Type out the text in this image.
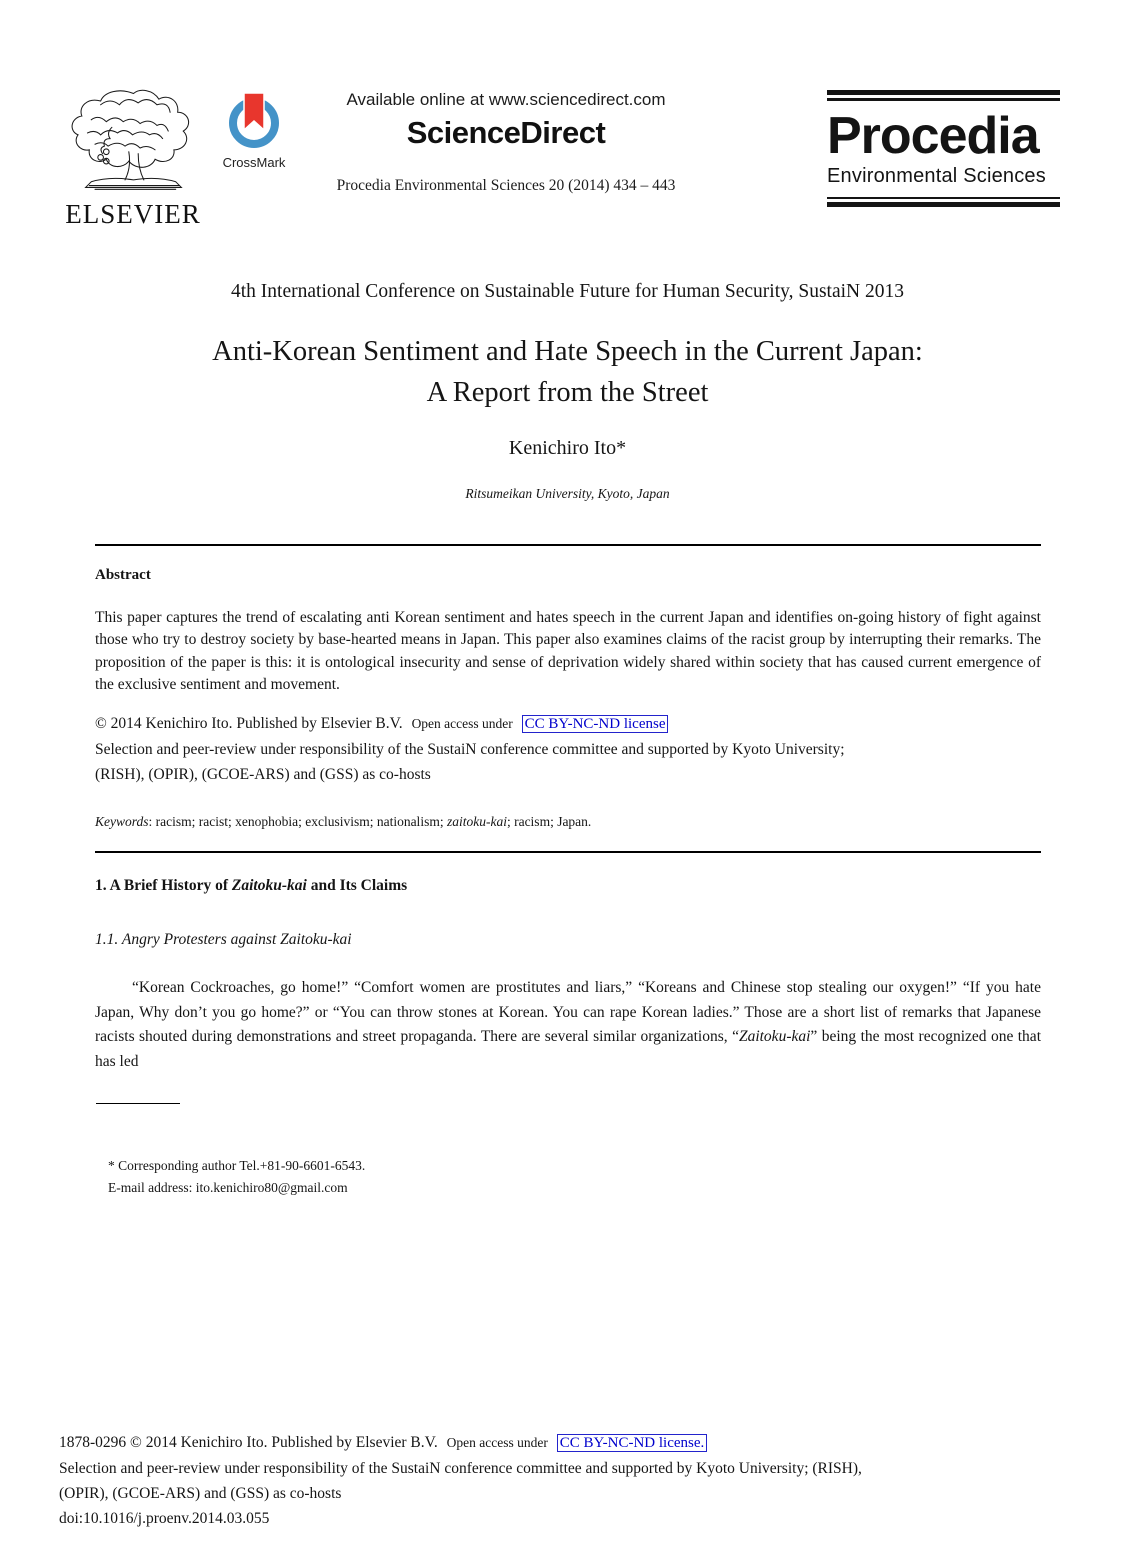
ELSEVIER
CrossMark
Available online at www.sciencedirect.com
ScienceDirect
Procedia Environmental Sciences 20 (2014) 434 – 443
Procedia
Environmental Sciences
4th International Conference on Sustainable Future for Human Security, SustaiN 2013
Anti-Korean Sentiment and Hate Speech in the Current Japan:
A Report from the Street
Kenichiro Ito*
Ritsumeikan University, Kyoto, Japan
Abstract
This paper captures the trend of escalating anti Korean sentiment and hates speech in the current Japan and identifies on-going history of fight against those who try to destroy society by base-hearted means in Japan. This paper also examines claims of the racist group by interrupting their remarks. The proposition of the paper is this: it is ontological insecurity and sense of deprivation widely shared within society that has caused current emergence of the exclusive sentiment and movement.
© 2014 Kenichiro Ito. Published by Elsevier B.V. Open access under CC BY-NC-ND license
Selection and peer-review under responsibility of the SustaiN conference committee and supported by Kyoto University;
(RISH), (OPIR), (GCOE-ARS) and (GSS) as co-hosts
Keywords: racism; racist; xenophobia; exclusivism; nationalism; zaitoku-kai; racism; Japan.
1. A Brief History of Zaitoku-kai and Its Claims
1.1. Angry Protesters against Zaitoku-kai
“Korean Cockroaches, go home!” “Comfort women are prostitutes and liars,” “Koreans and Chinese stop stealing our oxygen!” “If you hate Japan, Why don’t you go home?” or “You can throw stones at Korean. You can rape Korean ladies.” Those are a short list of remarks that Japanese racists shouted during demonstrations and street propaganda. There are several similar organizations, “Zaitoku-kai” being the most recognized one that has led
* Corresponding author Tel.+81-90-6601-6543.
E-mail address: ito.kenichiro80@gmail.com
1878-0296 © 2014 Kenichiro Ito. Published by Elsevier B.V. Open access under CC BY-NC-ND license.
Selection and peer-review under responsibility of the SustaiN conference committee and supported by Kyoto University; (RISH),
(OPIR), (GCOE-ARS) and (GSS) as co-hosts
doi:10.1016/j.proenv.2014.03.055
